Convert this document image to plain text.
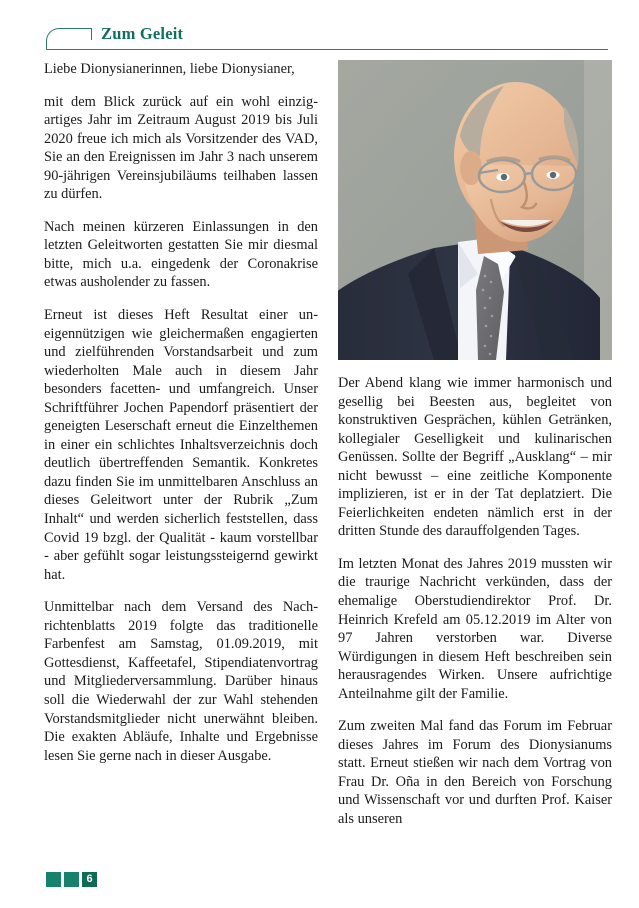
Zum Geleit

Liebe Dionysianerinnen, liebe Dionysianer,

mit dem Blick zurück auf ein wohl einzigartiges Jahr im Zeitraum August 2019 bis Juli 2020 freue ich mich als Vorsitzender des VAD, Sie an den Ereignissen im Jahr 3 nach unserem 90-jährigen Vereinsjubiläums teilhaben lassen zu dürfen.

Nach meinen kürzeren Einlassungen in den letzten Geleitworten gestatten Sie mir diesmal bitte, mich u.a. eingedenk der Coronakrise etwas ausholender zu fassen.

Erneut ist dieses Heft Resultat einer uneigennützigen wie gleichermaßen engagierten und zielführenden Vorstandsarbeit und zum wiederholten Male auch in diesem Jahr besonders facetten- und umfangreich. Unser Schriftführer Jochen Papendorf präsentiert der geneigten Leserschaft erneut die Einzelthemen in einer ein schlichtes Inhaltsverzeichnis doch deutlich übertreffenden Semantik. Konkretes dazu finden Sie im unmittelbaren Anschluss an dieses Geleitwort unter der Rubrik „Zum Inhalt“ und werden sicherlich feststellen, dass Covid 19 bzgl. der Qualität - kaum vorstellbar - aber gefühlt sogar leistungssteigernd gewirkt hat.

Unmittelbar nach dem Versand des Nachrichtenblatts 2019 folgte das traditionelle Farbenfest am Samstag, 01.09.2019, mit Gottesdienst, Kaffeetafel, Stipendiatenvortrag und Mitgliederversammlung. Darüber hinaus soll die Wiederwahl der zur Wahl stehenden Vorstandsmitglieder nicht unerwähnt bleiben. Die exakten Abläufe, Inhalte und Ergebnisse lesen Sie gerne nach in dieser Ausgabe.

Der Abend klang wie immer harmonisch und gesellig bei Beesten aus, begleitet von konstruktiven Gesprächen, kühlen Getränken, kollegialer Geselligkeit und kulinarischen Genüssen. Sollte der Begriff „Ausklang“ – mir nicht bewusst – eine zeitliche Komponente implizieren, ist er in der Tat deplatziert. Die Feierlichkeiten endeten nämlich erst in der dritten Stunde des darauffolgenden Tages.

Im letzten Monat des Jahres 2019 mussten wir die traurige Nachricht verkünden, dass der ehemalige Oberstudiendirektor Prof. Dr. Heinrich Krefeld am 05.12.2019 im Alter von 97 Jahren verstorben war. Diverse Würdigungen in diesem Heft beschreiben sein herausragendes Wirken. Unsere aufrichtige Anteilnahme gilt der Familie.

Zum zweiten Mal fand das Forum im Februar dieses Jahres im Forum des Dionysianums statt. Erneut stießen wir nach dem Vortrag von Frau Dr. Oña in den Bereich von Forschung und Wissenschaft vor und durften Prof. Kaiser als unseren

6
